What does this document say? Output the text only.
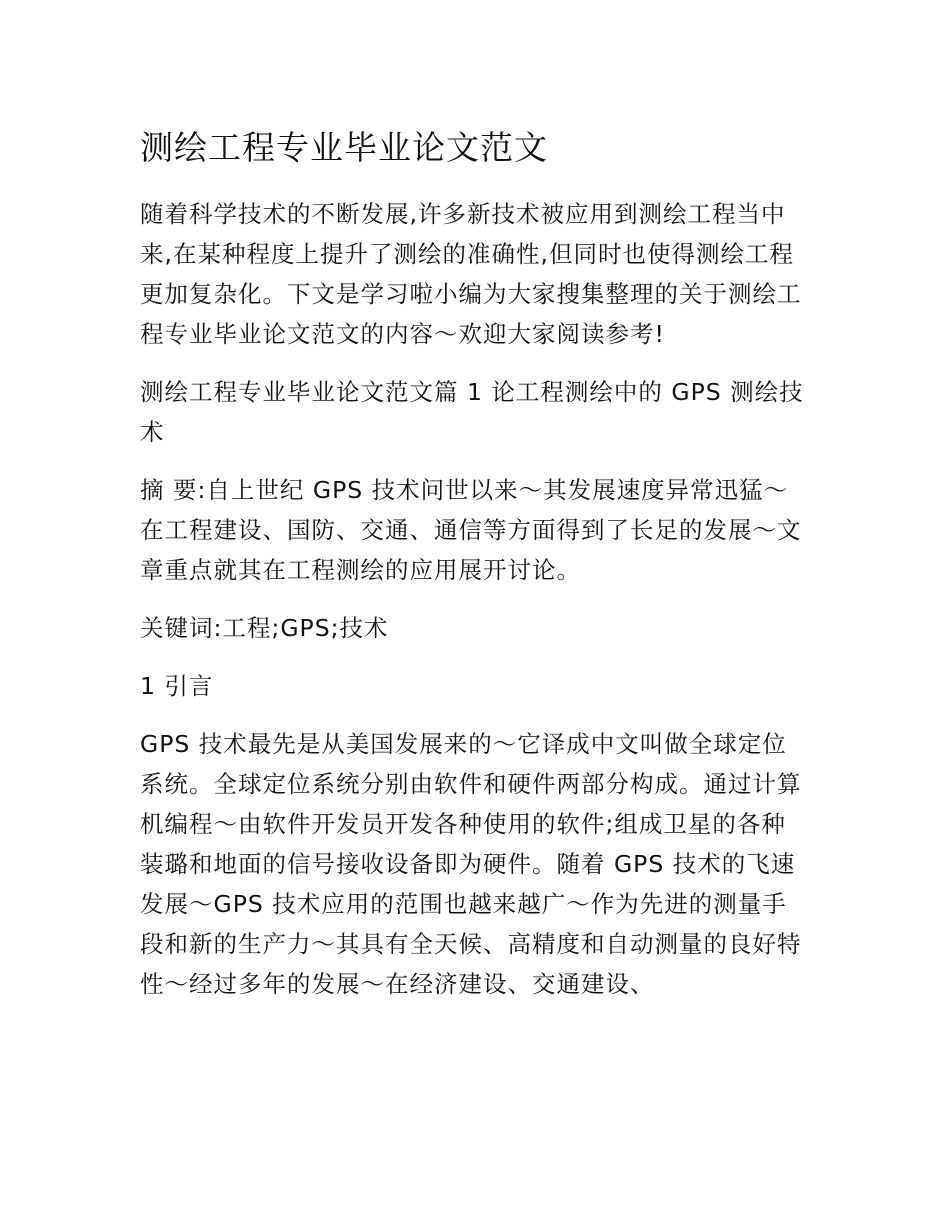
测绘工程专业毕业论文范文

随着科学技术的不断发展,许多新技术被应用到测绘工程当中来,在某种程度上提升了测绘的准确性,但同时也使得测绘工程更加复杂化。下文是学习啦小编为大家搜集整理的关于测绘工程专业毕业论文范文的内容～欢迎大家阅读参考!

测绘工程专业毕业论文范文篇 1 论工程测绘中的 GPS 测绘技术

摘 要:自上世纪 GPS 技术问世以来～其发展速度异常迅猛～在工程建设、国防、交通、通信等方面得到了长足的发展～文章重点就其在工程测绘的应用展开讨论。

关键词:工程;GPS;技术

1 引言

GPS 技术最先是从美国发展来的～它译成中文叫做全球定位系统。全球定位系统分别由软件和硬件两部分构成。通过计算机编程～由软件开发员开发各种使用的软件;组成卫星的各种装璐和地面的信号接收设备即为硬件。随着 GPS 技术的飞速发展～GPS 技术应用的范围也越来越广～作为先进的测量手段和新的生产力～其具有全天候、高精度和自动测量的良好特性～经过多年的发展～在经济建设、交通建设、
